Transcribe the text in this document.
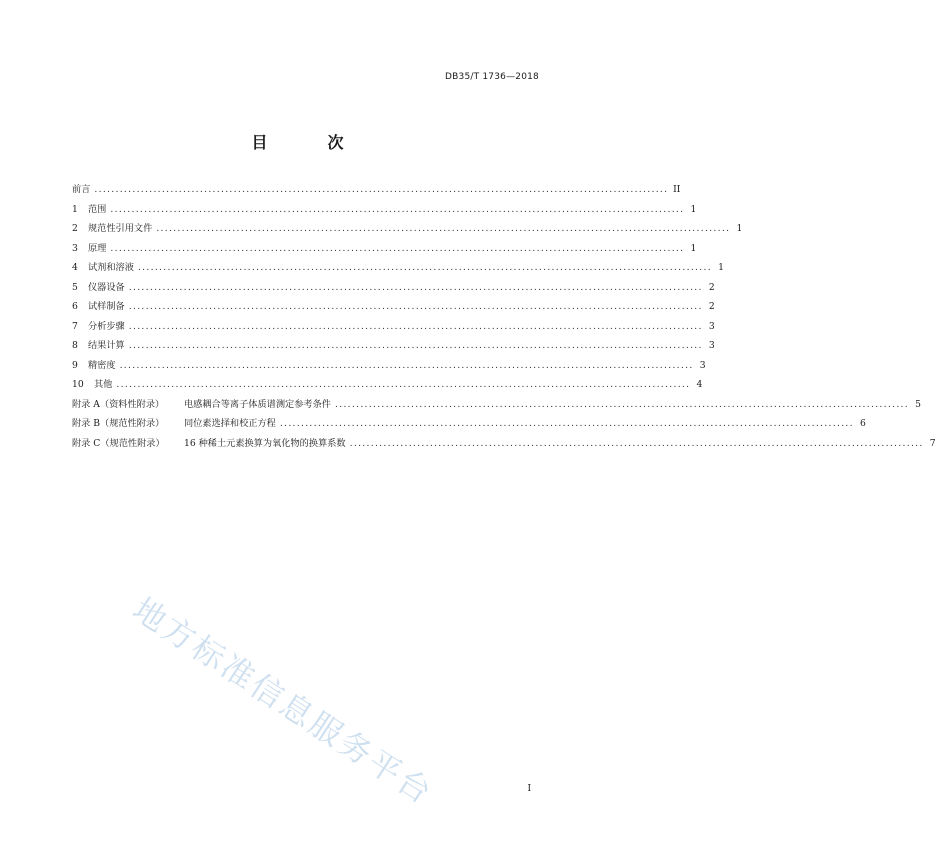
DB35/T 1736—2018
目　次
前言 ........................................................................................................................................ II
1	范围 ........................................................................................................................................ 1
2	规范性引用文件 ........................................................................................................................................ 1
3	原理 ........................................................................................................................................ 1
4	试剂和溶液 ........................................................................................................................................ 1
5	仪器设备 ........................................................................................................................................ 2
6	试样制备 ........................................................................................................................................ 2
7	分析步骤 ........................................................................................................................................ 3
8	结果计算 ........................................................................................................................................ 3
9	精密度 ........................................................................................................................................ 3
10	其他 ........................................................................................................................................ 4
附录 A（资料性附录）	电感耦合等离子体质谱测定参考条件 ........................................................................................................................................ 5
附录 B（规范性附录）	同位素选择和校正方程 ........................................................................................................................................ 6
附录 C（规范性附录）	16 种稀土元素换算为氧化物的换算系数 ........................................................................................................................................ 7
地方标准信息服务平台	I
